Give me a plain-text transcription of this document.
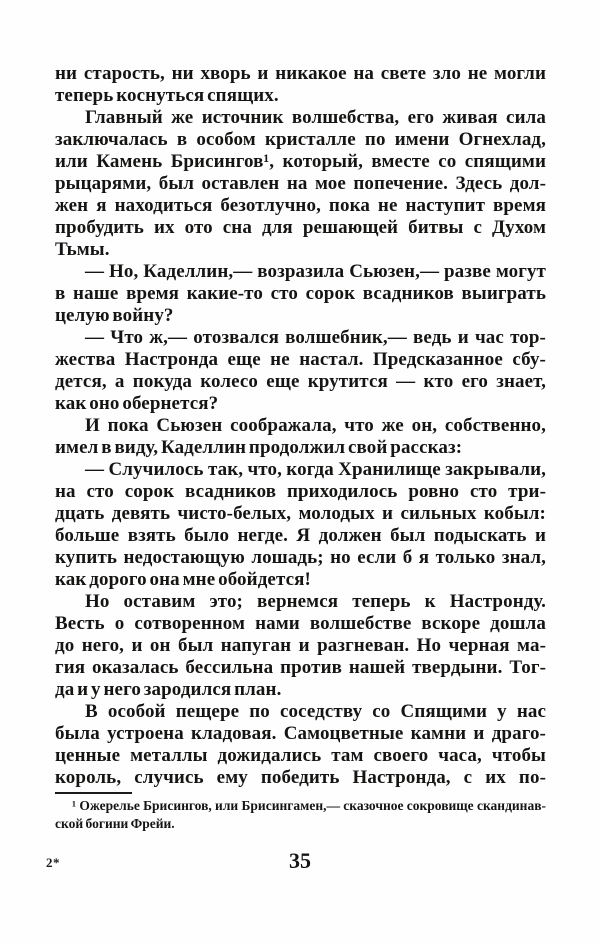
ни старость, ни хворь и никакое на свете зло не могли
теперь коснуться спящих.
Главный же источник волшебства, его живая сила
заключалась в особом кристалле по имени Огнехлад,
или Камень Брисингов¹, который, вместе со спящими
рыцарями, был оставлен на мое попечение. Здесь дол-
жен я находиться безотлучно, пока не наступит время
пробудить их ото сна для решающей битвы с Духом
Тьмы.
— Но, Каделлин,— возразила Сьюзен,— разве могут
в наше время какие-то сто сорок всадников выиграть
целую войну?
— Что ж,— отозвался волшебник,— ведь и час тор-
жества Настронда еще не настал. Предсказанное сбу-
дется, а покуда колесо еще крутится — кто его знает,
как оно обернется?
И пока Сьюзен соображала, что же он, собственно,
имел в виду, Каделлин продолжил свой рассказ:
— Случилось так, что, когда Хранилище закрывали,
на сто сорок всадников приходилось ровно сто три-
дцать девять чисто-белых, молодых и сильных кобыл:
больше взять было негде. Я должен был подыскать и
купить недостающую лошадь; но если б я только знал,
как дорого она мне обойдется!
Но оставим это; вернемся теперь к Настронду.
Весть о сотворенном нами волшебстве вскоре дошла
до него, и он был напуган и разгневан. Но черная ма-
гия оказалась бессильна против нашей твердыни. Тог-
да и у него зародился план.
В особой пещере по соседству со Спящими у нас
была устроена кладовая. Самоцветные камни и драго-
ценные металлы дожидались там своего часа, чтобы
король, случись ему победить Настронда, с их по-
¹ Ожерелье Брисингов, или Брисингамен,— сказочное сокровище скандинав-
ской богини Фрейи.
2*	35
